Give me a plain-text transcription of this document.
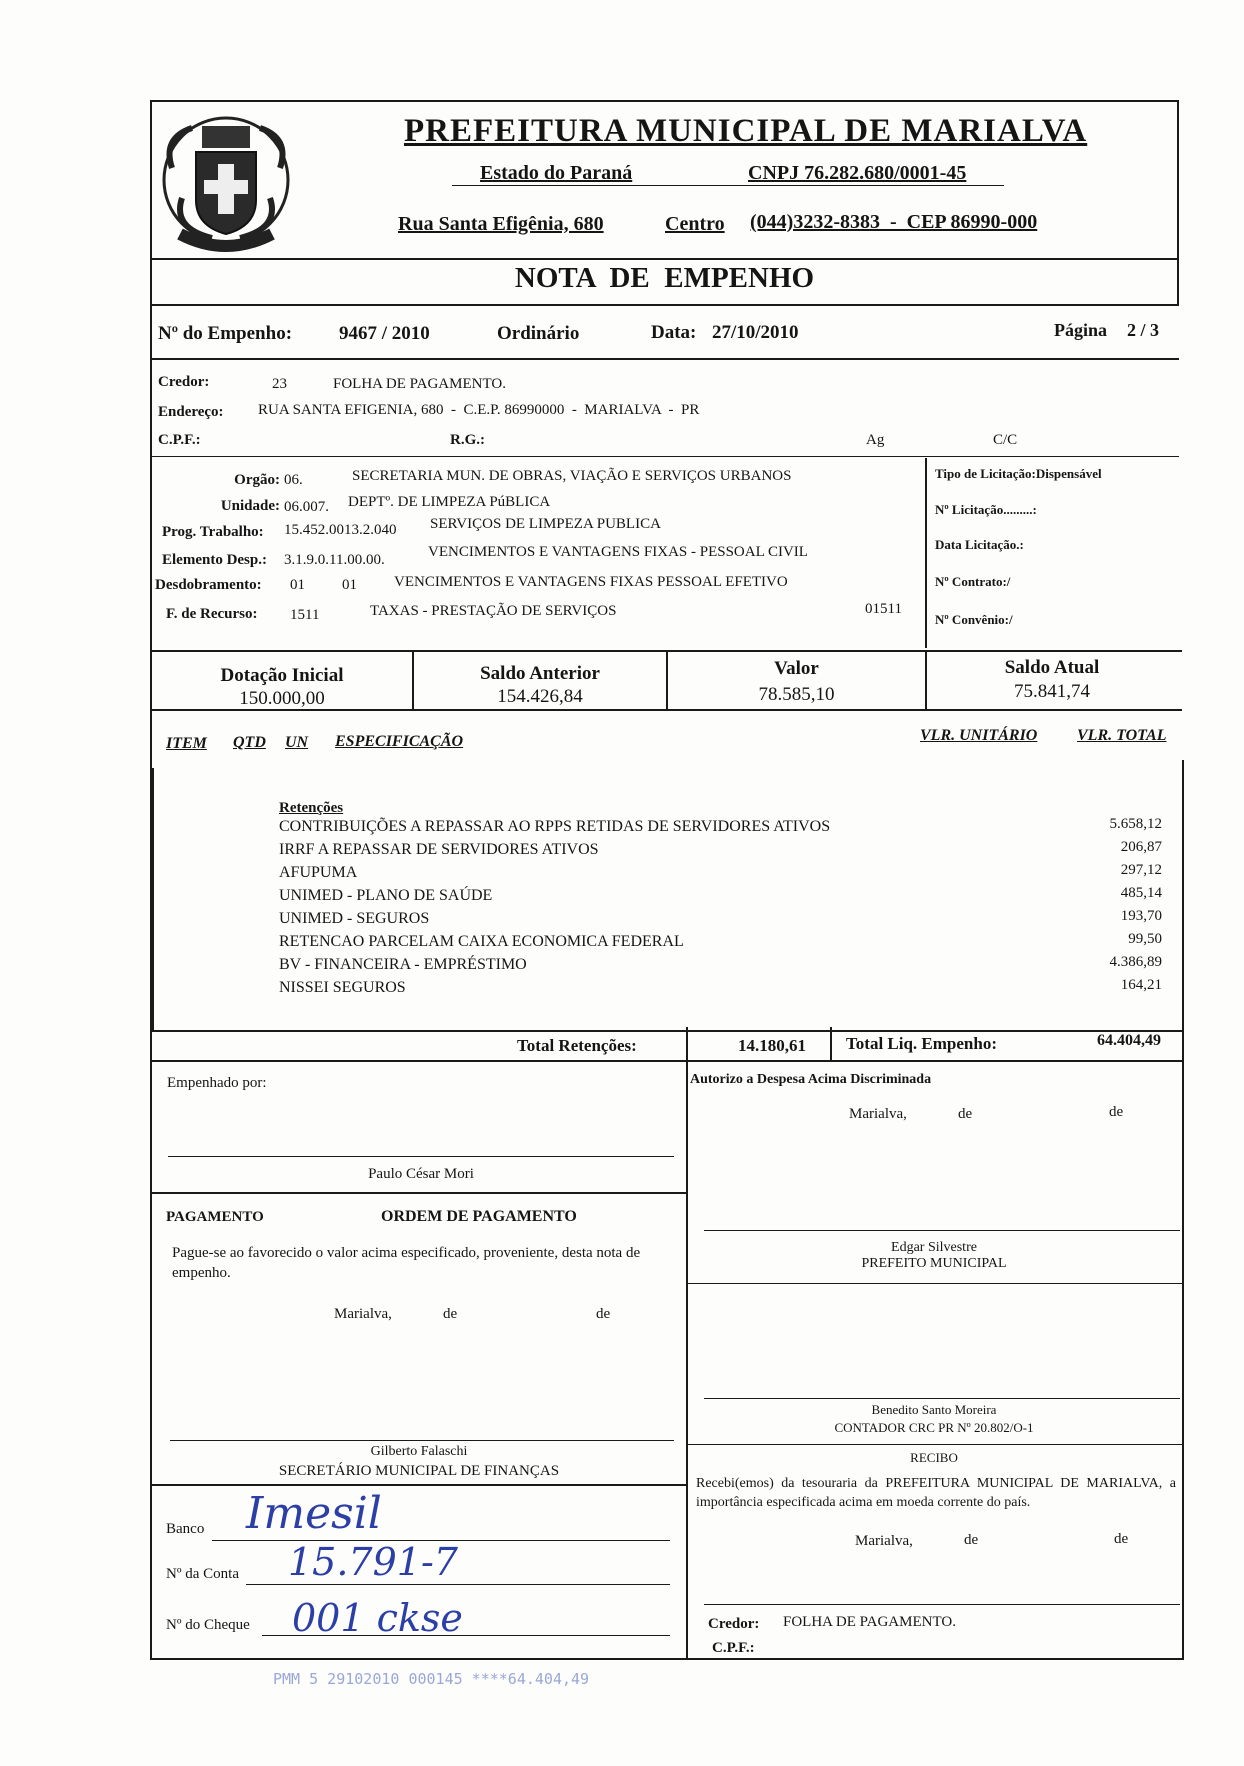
PREFEITURA MUNICIPAL DE MARIALVA
Estado do Paraná	CNPJ 76.282.680/0001-45
Rua Santa Efigênia, 680	Centro (044)3232-8383  -  CEP 86990-000
NOTA  DE  EMPENHO
Nº do Empenho: 9467 / 2010	Ordinário	Data: 27/10/2010	Página 2 / 3
Credor:	23	FOLHA DE PAGAMENTO.
Endereço: RUA SANTA EFIGENIA, 680  -  C.E.P. 86990000  -  MARIALVA  -  PR
C.P.F.:	R.G.:	Ag	C/C
Orgão: 06.	SECRETARIA MUN. DE OBRAS, VIAÇÃO E SERVIÇOS URBANOS
Unidade: 06.007. DEPTº. DE LIMPEZA PúBLICA
Prog. Trabalho: 15.452.0013.2.040 SERVIÇOS DE LIMPEZA PUBLICA
Elemento Desp.: 3.1.9.0.11.00.00.	VENCIMENTOS E VANTAGENS FIXAS - PESSOAL CIVIL
Desdobramento: 01 01 VENCIMENTOS E VANTAGENS FIXAS PESSOAL EFETIVO
F. de Recurso: 1511	TAXAS - PRESTAÇÃO DE SERVIÇOS	01511
Tipo de Licitação:Dispensável
Nº Licitação.........:
Data Licitação.:
Nº Contrato:/
Nº Convênio:/
Dotação Inicial
150.000,00
Saldo Anterior
154.426,84
Valor
78.585,10
Saldo Atual
75.841,74
ITEM QTD UN ESPECIFICAÇÃO	VLR. UNITÁRIO VLR. TOTAL
Retenções
CONTRIBUIÇÕES A REPASSAR AO RPPS RETIDAS DE SERVIDORES ATIVOS	5.658,12
IRRF A REPASSAR DE SERVIDORES ATIVOS	206,87
AFUPUMA	297,12
UNIMED - PLANO DE SAÚDE	485,14
UNIMED - SEGUROS	193,70
RETENCAO PARCELAM CAIXA ECONOMICA FEDERAL	99,50
BV - FINANCEIRA - EMPRÉSTIMO	4.386,89
NISSEI SEGUROS	164,21
Total Retenções:	14.180,61 Total Liq. Empenho:	64.404,49
Empenhado por:
Paulo César Mori
Autorizo a Despesa Acima Discriminada
Marialva,	de	de
Edgar Silvestre
PREFEITO MUNICIPAL
PAGAMENTO	ORDEM DE PAGAMENTO
Pague-se ao favorecido o valor acima especificado, proveniente, desta nota de empenho.
Marialva,	de	de
Gilberto Falaschi
SECRETÁRIO MUNICIPAL DE FINANÇAS
Benedito Santo Moreira
CONTADOR CRC PR Nº 20.802/O-1
RECIBO
Recebi(emos) da tesouraria da PREFEITURA MUNICIPAL DE MARIALVA, a importância especificada acima em moeda corrente do país.
Marialva,	de	de
Credor: FOLHA DE PAGAMENTO.
C.P.F.:
Banco Imesil
Nº da Conta 15.791-7
Nº do Cheque 001 ckse
PMM 5 29102010 000145 ****64.404,49
